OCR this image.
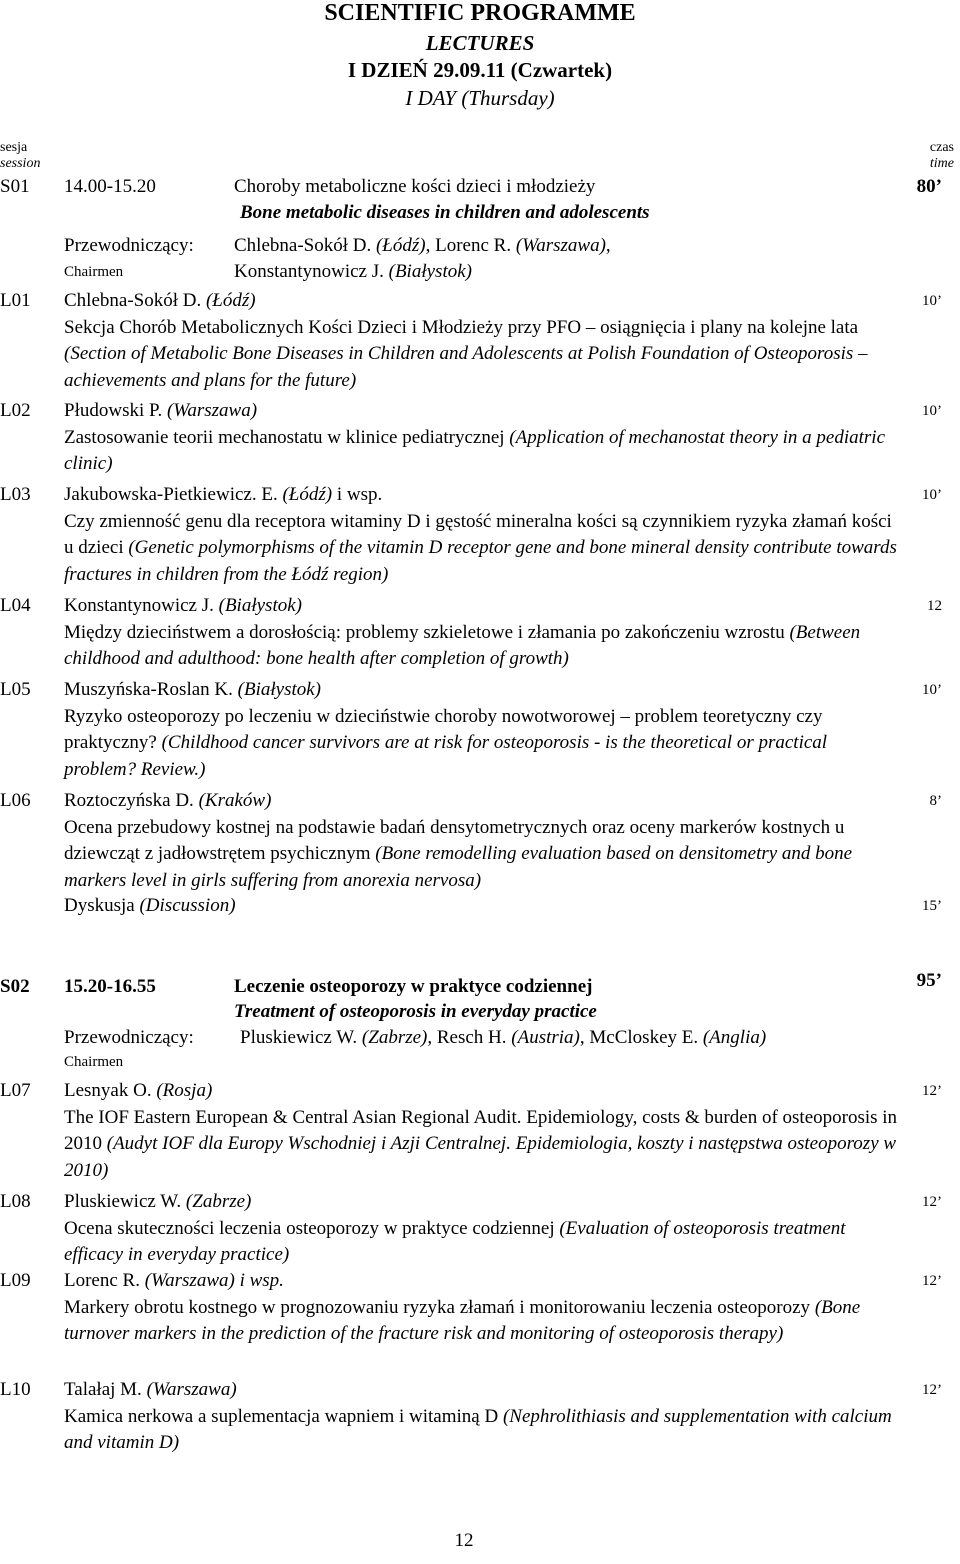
SCIENTIFIC PROGRAMME
LECTURES
I DZIEŃ 29.09.11 (Czwartek)
I DAY (Thursday)
sesja
session
czas
time
S01 14.00-15.20	Choroby metaboliczne kości dzieci i młodzieży	80’
Bone metabolic diseases in children and adolescents
Przewodniczący: Chlebna-Sokół D. (Łódź), Lorenc R. (Warszawa),
Chairmen	Konstantynowicz J. (Białystok)
L01 Chlebna-Sokół D. (Łódź)
Sekcja Chorób Metabolicznych Kości Dzieci i Młodzieży przy PFO – osiągnięcia i plany na kolejne lata (Section of Metabolic Bone Diseases in Children and Adolescents at Polish Foundation of Osteoporosis – achievements and plans for the future)
10’
L02 Płudowski P. (Warszawa)
Zastosowanie teorii mechanostatu w klinice pediatrycznej (Application of mechanostat theory in a pediatric clinic)
10’
L03 Jakubowska-Pietkiewicz. E. (Łódź) i wsp.
Czy zmienność genu dla receptora witaminy D i gęstość mineralna kości są czynnikiem ryzyka złamań kości u dzieci (Genetic polymorphisms of the vitamin D receptor gene and bone mineral density contribute towards fractures in children from the Łódź region)
10’
L04 Konstantynowicz J. (Białystok)
Między dzieciństwem a dorosłością: problemy szkieletowe i złamania po zakończeniu wzrostu (Between childhood and adulthood: bone health after completion of growth)
12
L05 Muszyńska-Roslan K. (Białystok)
Ryzyko osteoporozy po leczeniu w dzieciństwie choroby nowotworowej – problem teoretyczny czy praktyczny? (Childhood cancer survivors are at risk for osteoporosis - is the theoretical or practical problem? Review.)
10’
L06 Roztoczyńska D. (Kraków)
Ocena przebudowy kostnej na podstawie badań densytometrycznych oraz oceny markerów kostnych u dziewcząt z jadłowstrętem psychicznym (Bone remodelling evaluation based on densitometry and bone markers level in girls suffering from anorexia nervosa)
8’
Dyskusja (Discussion)	15’
S02 15.20-16.55	Leczenie osteoporozy w praktyce codziennej	95’
Treatment of osteoporosis in everyday practice
Przewodniczący: Pluskiewicz W. (Zabrze), Resch H. (Austria), McCloskey E. (Anglia)
Chairmen
L07 Lesnyak O. (Rosja)
The IOF Eastern European & Central Asian Regional Audit. Epidemiology, costs & burden of osteoporosis in 2010 (Audyt IOF dla Europy Wschodniej i Azji Centralnej. Epidemiologia, koszty i następstwa osteoporozy w 2010)
12’
L08 Pluskiewicz W. (Zabrze)
Ocena skuteczności leczenia osteoporozy w praktyce codziennej (Evaluation of osteoporosis treatment efficacy in everyday practice)
12’
L09 Lorenc R. (Warszawa) i wsp.
Markery obrotu kostnego w prognozowaniu ryzyka złamań i monitorowaniu leczenia osteoporozy (Bone turnover markers in the prediction of the fracture risk and monitoring of osteoporosis therapy)
12’
L10 Talałaj M. (Warszawa)
Kamica nerkowa a suplementacja wapniem i witaminą D (Nephrolithiasis and supplementation with calcium and vitamin D)
12’
12
